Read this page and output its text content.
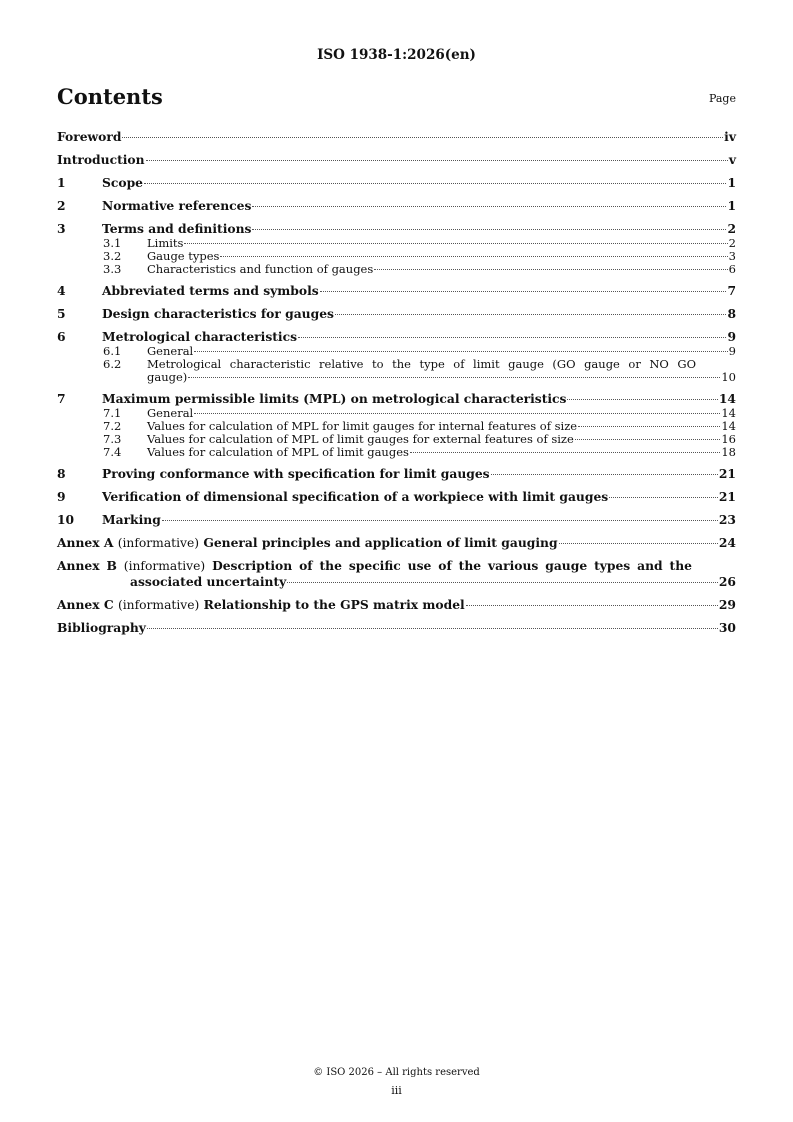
ISO 1938-1:2026(en)
Contents	Page
Foreword	iv
Introduction	v
1	Scope	1
2	Normative references	1
3	Terms and definitions	2
3.1	Limits	2
3.2	Gauge types	3
3.3	Characteristics and function of gauges	6
4	Abbreviated terms and symbols	7
5	Design characteristics for gauges	8
6	Metrological characteristics	9
6.1	General	9
6.2	Metrological characteristic relative to the type of limit gauge (GO gauge or NO GO
gauge)	10
7	Maximum permissible limits (MPL) on metrological characteristics	14
7.1	General	14
7.2	Values for calculation of MPL for limit gauges for internal features of size	14
7.3	Values for calculation of MPL of limit gauges for external features of size	16
7.4	Values for calculation of MPL of limit gauges	18
8	Proving conformance with specification for limit gauges	21
9	Verification of dimensional specification of a workpiece with limit gauges	21
10	Marking	23
Annex A (informative) General principles and application of limit gauging	24
Annex B (informative) Description of the specific use of the various gauge types and the
associated uncertainty	26
Annex C (informative) Relationship to the GPS matrix model	29
Bibliography	30
© ISO 2026 – All rights reserved
iii
